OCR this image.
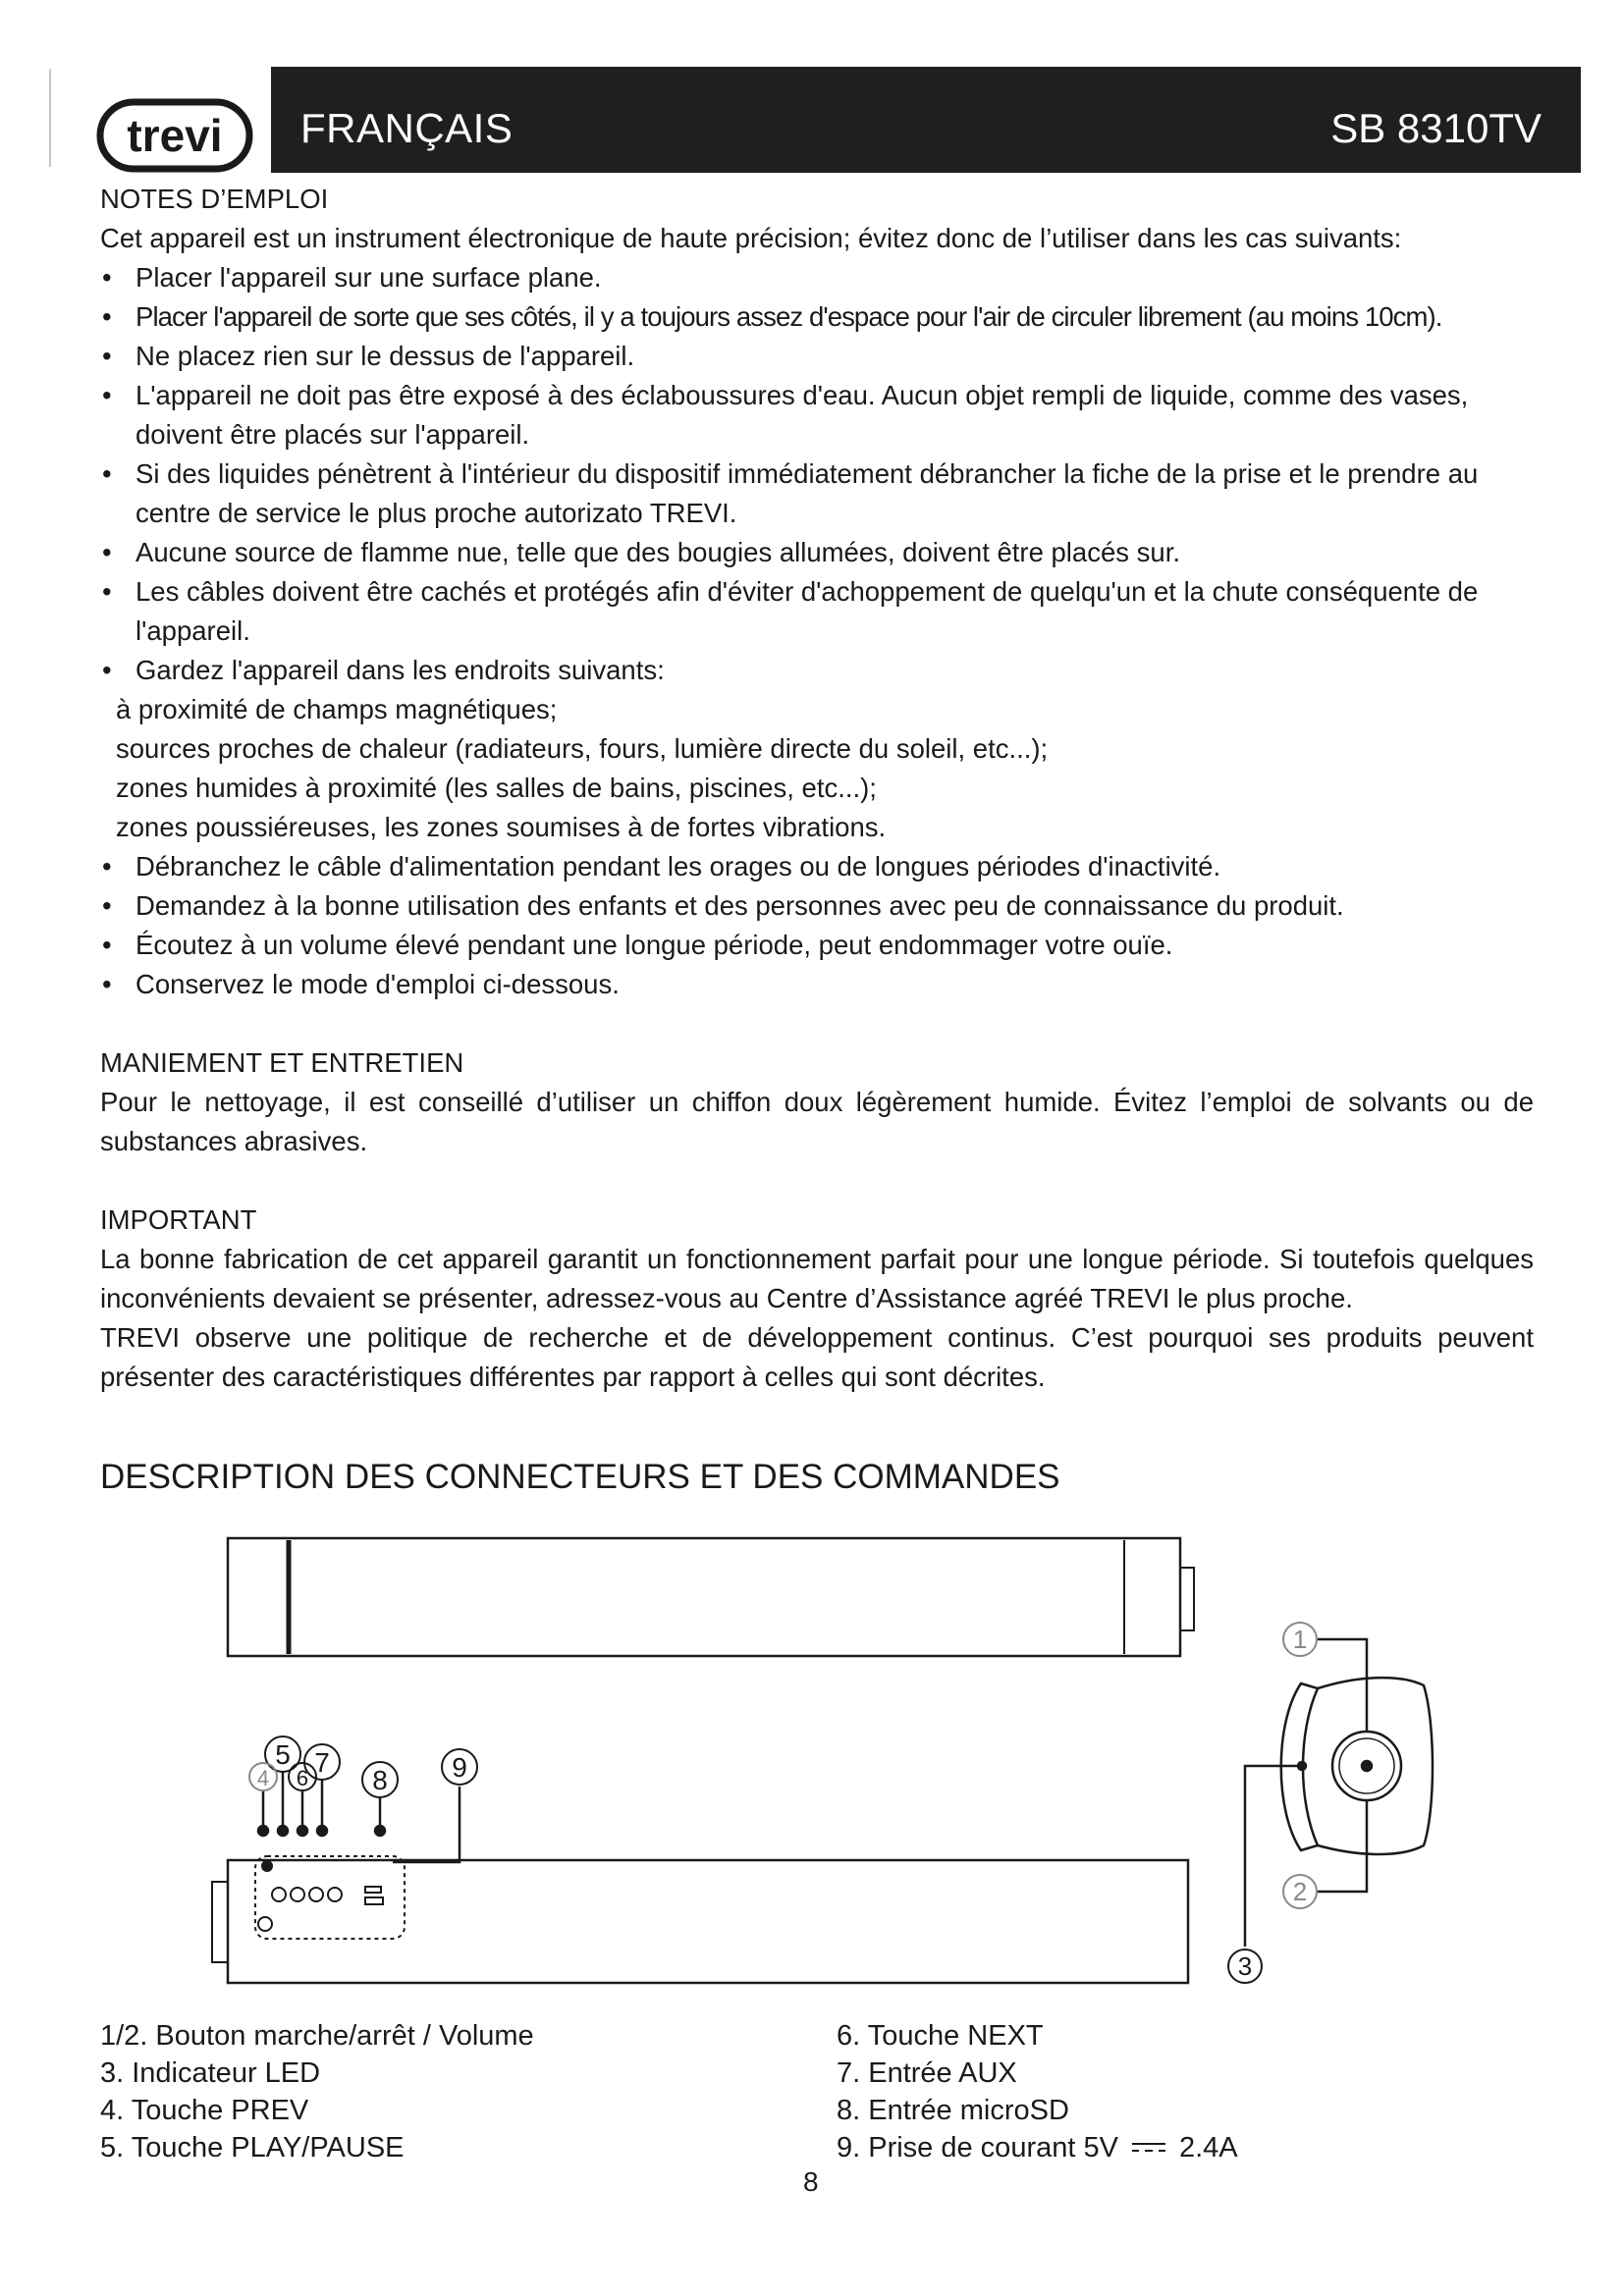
trevi FRANÇAIS	SB 8310TV
NOTES D’EMPLOI

Cet appareil est un instrument électronique de haute précision; évitez donc de l’utiliser dans les cas suivants:

• Placer l'appareil sur une surface plane.
• Placer l'appareil de sorte que ses côtés, il y a toujours assez d'espace pour l'air de circuler librement (au moins 10cm).
• Ne placez rien sur le dessus de l'appareil.
• L'appareil ne doit pas être exposé à des éclaboussures d'eau. Aucun objet rempli de liquide, comme des vases, doivent être placés sur l'appareil.
• Si des liquides pénètrent à l'intérieur du dispositif immédiatement débrancher la fiche de la prise et le prendre au centre de service le plus proche autorizato TREVI.
• Aucune source de flamme nue, telle que des bougies allumées, doivent être placés sur.
• Les câbles doivent être cachés et protégés afin d'éviter d'achoppement de quelqu'un et la chute conséquente de l'appareil.
• Gardez l'appareil dans les endroits suivants:
à proximité de champs magnétiques;
sources proches de chaleur (radiateurs, fours, lumière directe du soleil, etc...);
zones humides à proximité (les salles de bains, piscines, etc...);
zones poussiéreuses, les zones soumises à de fortes vibrations.
• Débranchez le câble d'alimentation pendant les orages ou de longues périodes d'inactivité.
• Demandez à la bonne utilisation des enfants et des personnes avec peu de connaissance du produit.
• Écoutez à un volume élevé pendant une longue période, peut endommager votre ouïe.
• Conservez le mode d'emploi ci-dessous.
MANIEMENT ET ENTRETIEN

Pour le nettoyage, il est conseillé d’utiliser un chiffon doux légèrement humide. Évitez l’emploi de solvants ou de substances abrasives.

IMPORTANT

La bonne fabrication de cet appareil garantit un fonctionnement parfait pour une longue période. Si toutefois quelques inconvénients devaient se présenter, adressez-vous au Centre d’Assistance agréé TREVI le plus proche.

TREVI observe une politique de recherche et de développement continus. C’est pourquoi ses produits peuvent présenter des caractéristiques différentes par rapport à celles qui sont décrites.

DESCRIPTION DES CONNECTEURS ET DES COMMANDES
5 7
4 6 8 9
1
2
3
1/2. Bouton marche/arrêt / Volume
3. Indicateur LED
4. Touche PREV
5. Touche PLAY/PAUSE
6. Touche NEXT
7. Entrée AUX
8. Entrée microSD
9. Prise de courant 5V 2.4A
8
